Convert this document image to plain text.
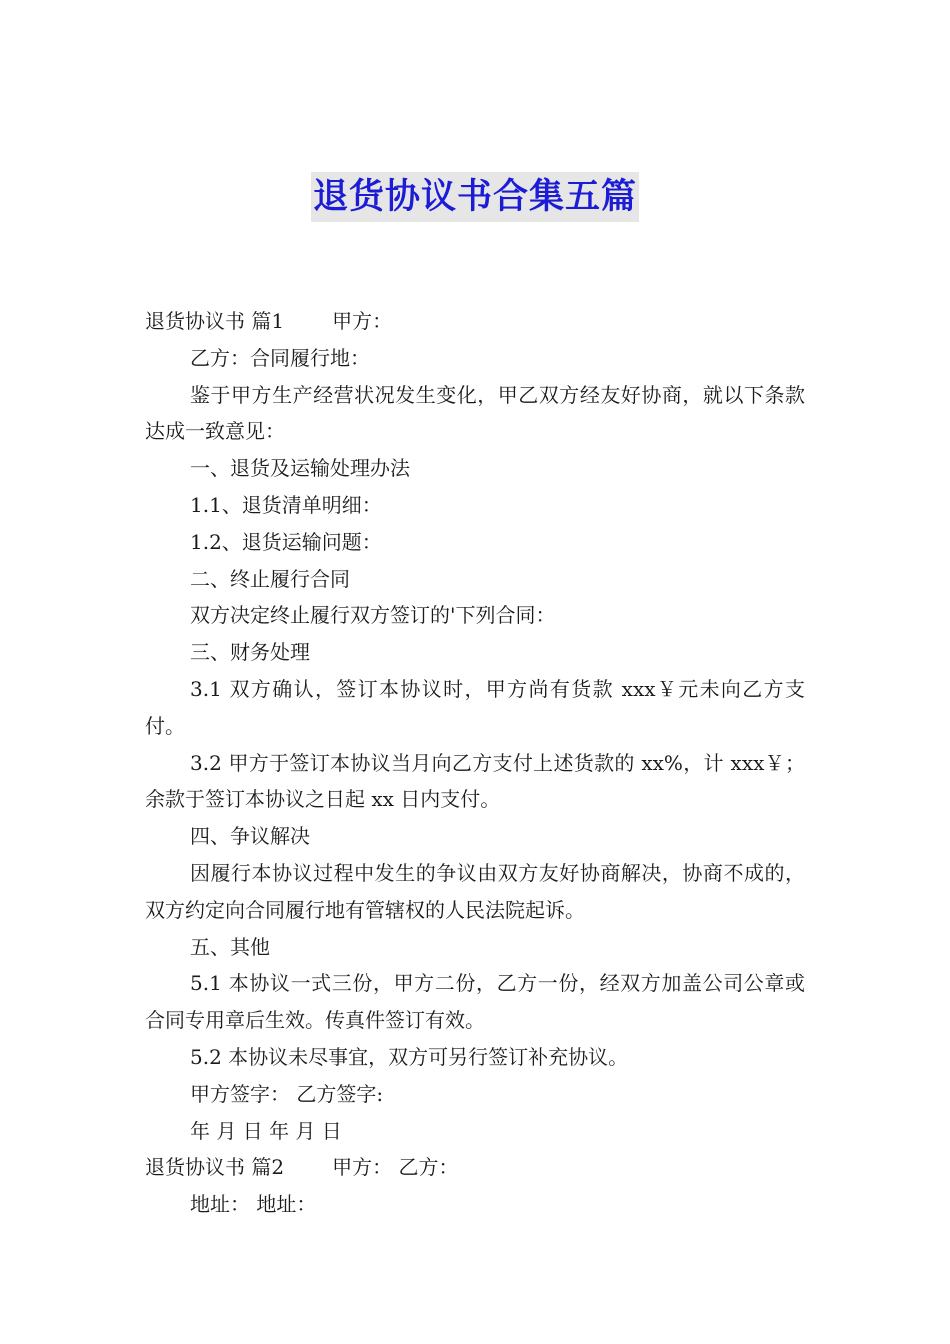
退货协议书合集五篇

退货协议书 篇1 甲方：

乙方：合同履行地：

鉴于甲方生产经营状况发生变化，甲乙双方经友好协商，就以下条款达成一致意见：

一、退货及运输处理办法

1.1、退货清单明细：

1.2、退货运输问题：

二、终止履行合同

双方决定终止履行双方签订的'下列合同：

三、财务处理

3.1 双方确认，签订本协议时，甲方尚有货款 xxx￥元未向乙方支付。

3.2 甲方于签订本协议当月向乙方支付上述货款的 xx%，计 xxx￥；余款于签订本协议之日起 xx 日内支付。

四、争议解决

因履行本协议过程中发生的争议由双方友好协商解决，协商不成的，双方约定向合同履行地有管辖权的人民法院起诉。

五、其他

5.1 本协议一式三份，甲方二份，乙方一份，经双方加盖公司公章或合同专用章后生效。传真件签订有效。

5.2 本协议未尽事宜，双方可另行签订补充协议。

甲方签字： 乙方签字:

年 月 日 年 月 日

退货协议书 篇2 甲方： 乙方：

地址： 地址：
